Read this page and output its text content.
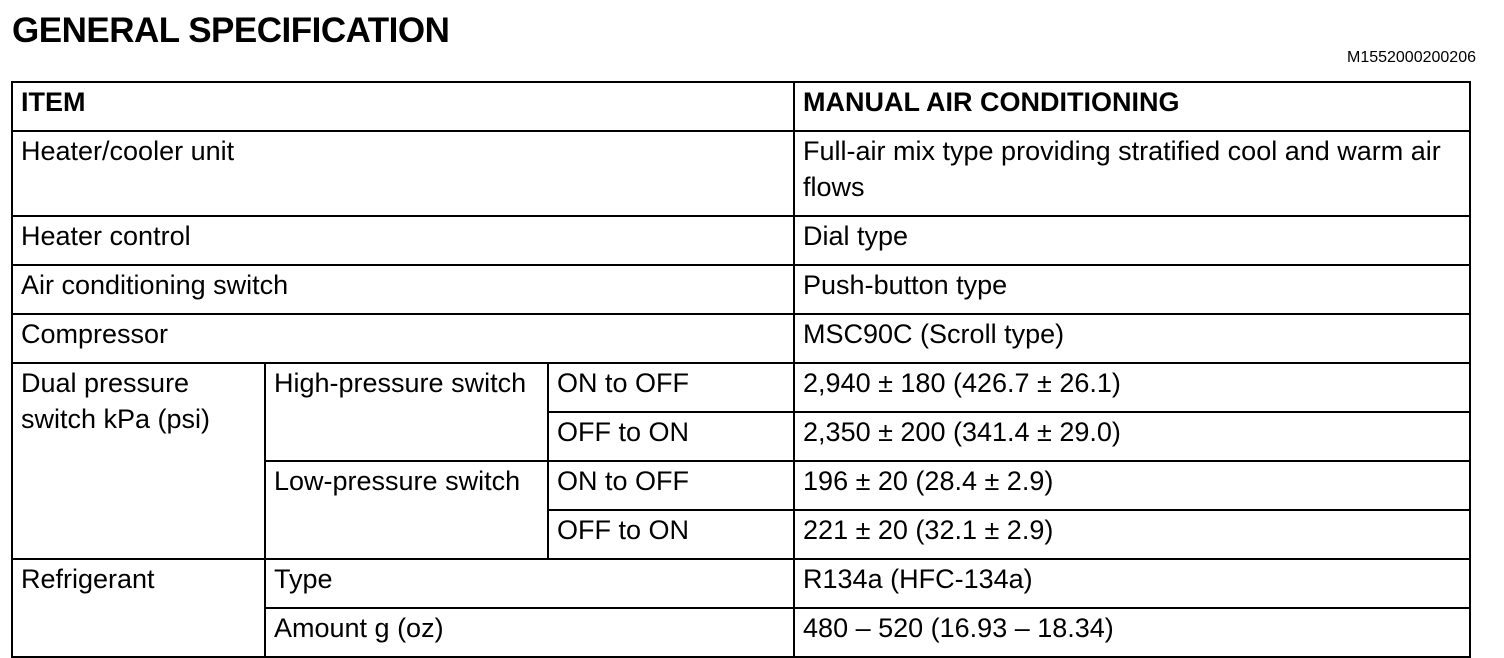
GENERAL SPECIFICATION
M1552000200206
ITEM			MANUAL AIR CONDITIONING
Heater/cooler unit			Full-air mix type providing stratified cool and warm air flows
Heater control			Dial type
Air conditioning switch			Push-button type
Compressor			MSC90C (Scroll type)
Dual pressure switch kPa (psi)	High-pressure switch	ON to OFF	2,940 ± 180 (426.7 ± 26.1)
		OFF to ON	2,350 ± 200 (341.4 ± 29.0)
	Low-pressure switch	ON to OFF	196 ± 20 (28.4 ± 2.9)
		OFF to ON	221 ± 20 (32.1 ± 2.9)
Refrigerant	Type		R134a (HFC-134a)
	Amount g (oz)		480 – 520 (16.93 – 18.34)
